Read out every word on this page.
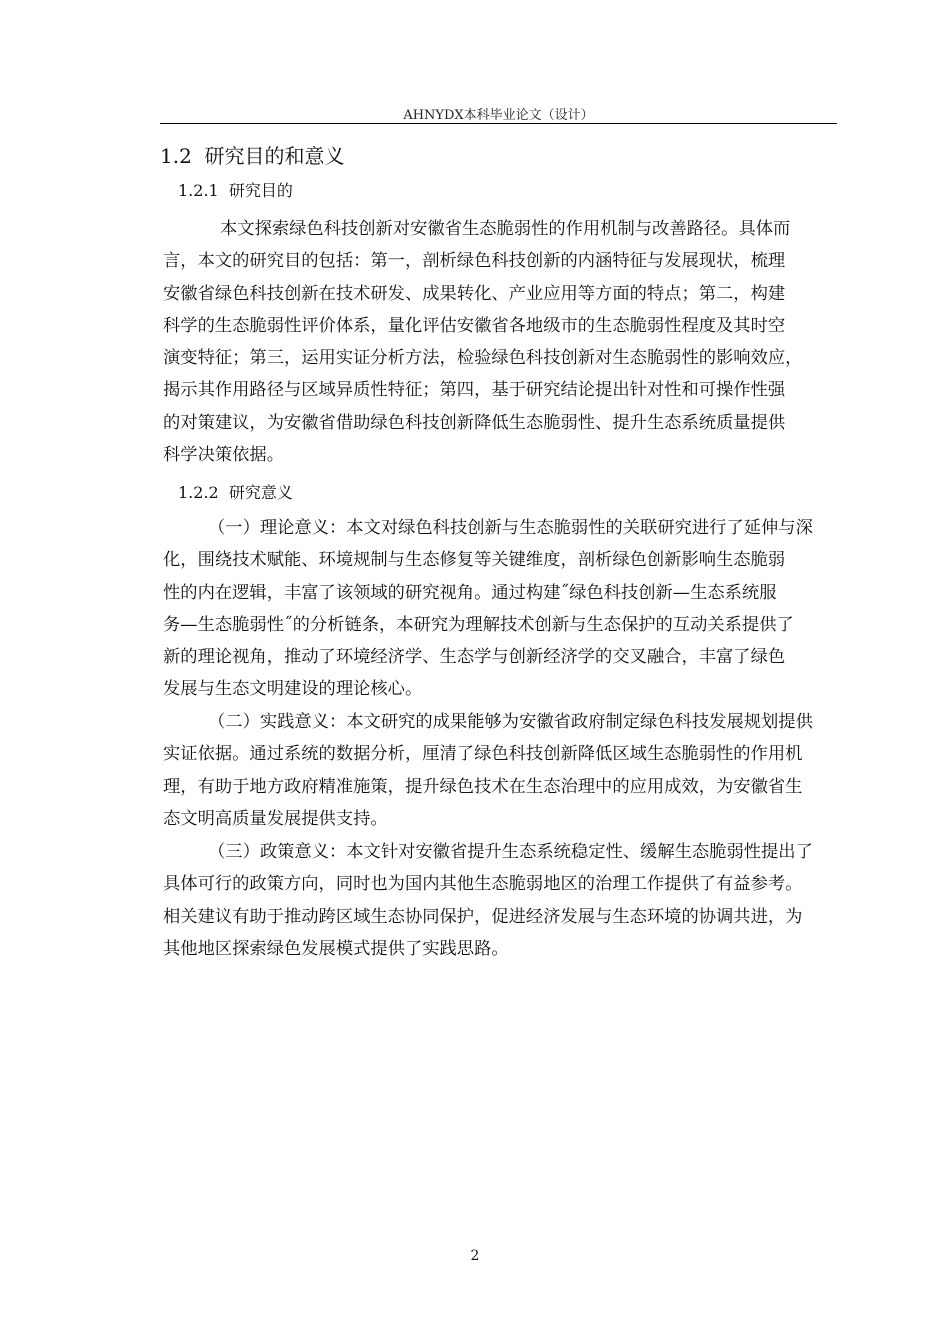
AHNYDX本科毕业论文（设计）
1.2 研究目的和意义
1.2.1 研究目的
本文探索绿色科技创新对安徽省生态脆弱性的作用机制与改善路径。具体而
言，本文的研究目的包括：第一，剖析绿色科技创新的内涵特征与发展现状，梳理
安徽省绿色科技创新在技术研发、成果转化、产业应用等方面的特点；第二，构建
科学的生态脆弱性评价体系，量化评估安徽省各地级市的生态脆弱性程度及其时空
演变特征；第三，运用实证分析方法，检验绿色科技创新对生态脆弱性的影响效应，
揭示其作用路径与区域异质性特征；第四，基于研究结论提出针对性和可操作性强
的对策建议，为安徽省借助绿色科技创新降低生态脆弱性、提升生态系统质量提供
科学决策依据。
1.2.2 研究意义
（一）理论意义：本文对绿色科技创新与生态脆弱性的关联研究进行了延伸与深
化，围绕技术赋能、环境规制与生态修复等关键维度，剖析绿色创新影响生态脆弱
性的内在逻辑，丰富了该领域的研究视角。通过构建˝绿色科技创新—生态系统服
务—生态脆弱性˝的分析链条，本研究为理解技术创新与生态保护的互动关系提供了
新的理论视角，推动了环境经济学、生态学与创新经济学的交叉融合，丰富了绿色
发展与生态文明建设的理论核心。
（二）实践意义：本文研究的成果能够为安徽省政府制定绿色科技发展规划提供
实证依据。通过系统的数据分析，厘清了绿色科技创新降低区域生态脆弱性的作用机
理，有助于地方政府精准施策，提升绿色技术在生态治理中的应用成效，为安徽省生
态文明高质量发展提供支持。
（三）政策意义：本文针对安徽省提升生态系统稳定性、缓解生态脆弱性提出了
具体可行的政策方向，同时也为国内其他生态脆弱地区的治理工作提供了有益参考。
相关建议有助于推动跨区域生态协同保护，促进经济发展与生态环境的协调共进，为
其他地区探索绿色发展模式提供了实践思路。
2
